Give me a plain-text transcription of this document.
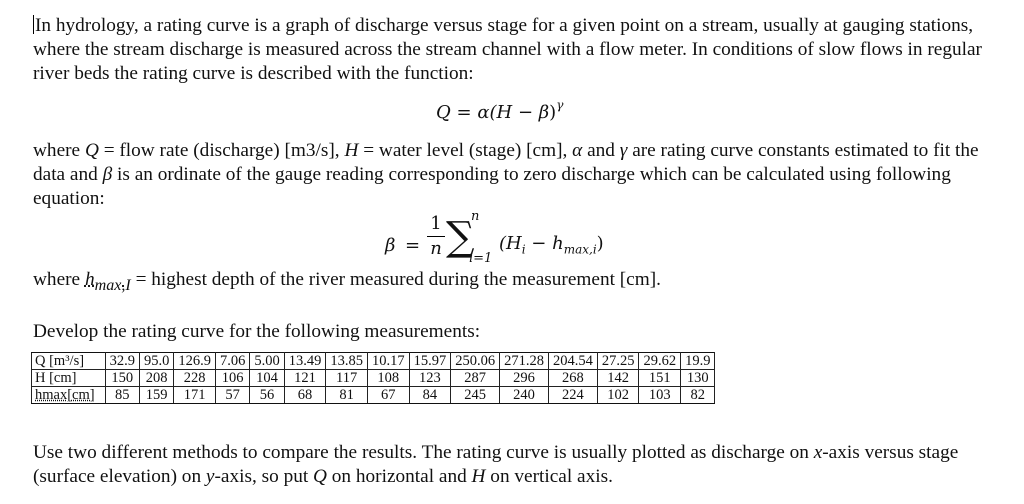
In hydrology, a rating curve is a graph of discharge versus stage for a given point on a stream, usually at gauging stations, where the stream discharge is measured across the stream channel with a flow meter. In conditions of slow flows in regular river beds the rating curve is described with the function:

$Q = \alpha(H - \beta)^\gamma$

where Q = flow rate (discharge) [m3/s], H = water level (stage) [cm], α and γ are rating curve constants estimated to fit the data and β is an ordinate of the gauge reading corresponding to zero discharge which can be calculated using following equation:

β =
1
n ∑
n
i=1
$(H_i - h_{max,i})$

where $h_{max,I}$ = highest depth of the river measured during the measurement [cm].

Develop the rating curve for the following measurements:

Q [m³/s]	32.9	95.0	126.9	7.06	5.00	13.49	13.85	10.17	15.97	250.06	271.28	204.54	27.25	29.62	19.9
H [cm]	150	208	228	106	104	121	117	108	123	287	296	268	142	151	130
hmax[cm]	85	159	171	57	56	68	81	67	84	245	240	224	102	103	82

Use two different methods to compare the results. The rating curve is usually plotted as discharge on x-axis versus stage (surface elevation) on y-axis, so put Q on horizontal and H on vertical axis.
